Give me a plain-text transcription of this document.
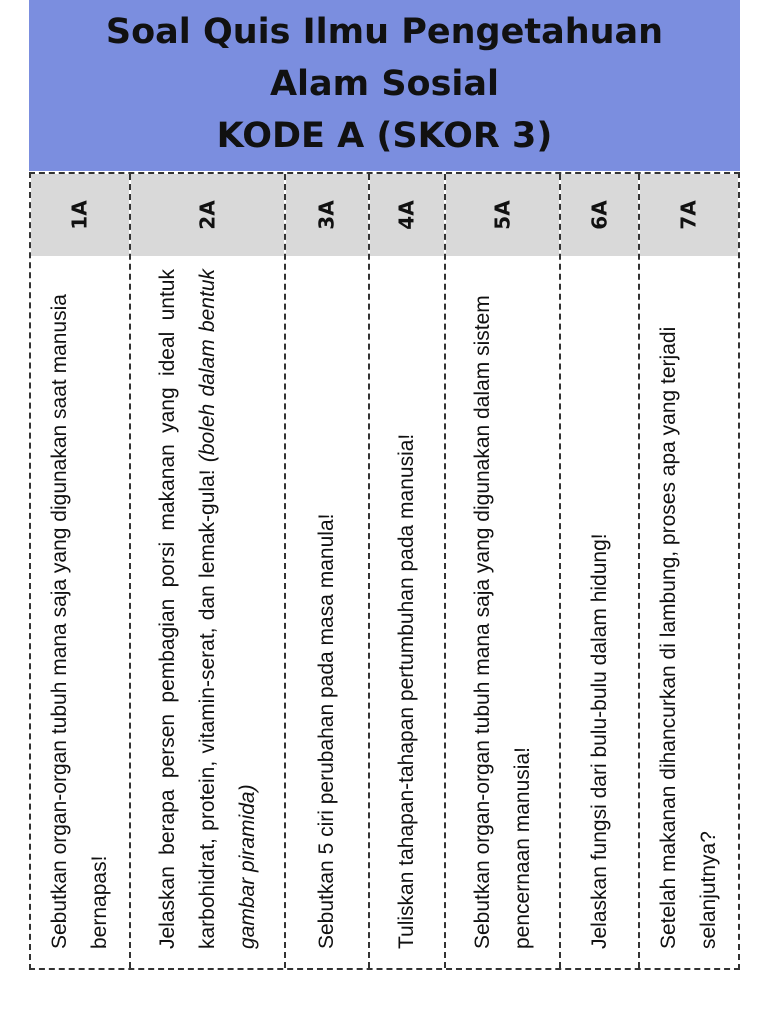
Soal Quis Ilmu Pengetahuan
Alam Sosial
KODE A (SKOR 3)
1A
Sebutkan organ-organ tubuh mana saja yang digunakan saat manusia bernapas!
2A
Jelaskan berapa persen pembagian porsi makanan yang ideal untuk karbohidrat, protein, vitamin-serat, dan lemak-gula! (boleh dalam bentuk gambar piramida)
3A
Sebutkan 5 ciri perubahan pada masa manula!
4A
Tuliskan tahapan-tahapan pertumbuhan pada manusia!
5A
Sebutkan organ-organ tubuh mana saja yang digunakan dalam sistem pencernaan manusia!
6A
Jelaskan fungsi dari bulu-bulu dalam hidung!
7A
Setelah makanan dihancurkan di lambung, proses apa yang terjadi selanjutnya?
